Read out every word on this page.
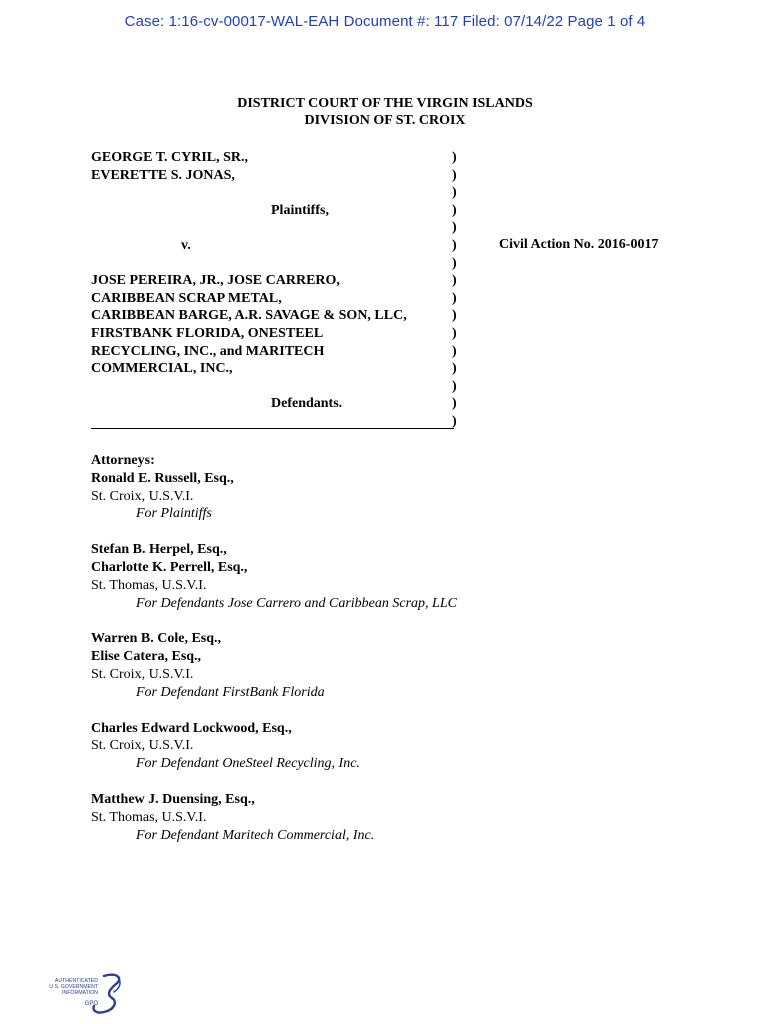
Case: 1:16-cv-00017-WAL-EAH Document #: 117 Filed: 07/14/22 Page 1 of 4
DISTRICT COURT OF THE VIRGIN ISLANDS
DIVISION OF ST. CROIX
GEORGE T. CYRIL, SR.,
EVERETTE S. JONAS,
Plaintiffs,
v.
JOSE PEREIRA, JR., JOSE CARRERO,
CARIBBEAN SCRAP METAL,
CARIBBEAN BARGE, A.R. SAVAGE & SON, LLC,
FIRSTBANK FLORIDA, ONESTEEL
RECYCLING, INC., and MARITECH
COMMERCIAL, INC.,
Defendants.
)
)
)
)
)
)
)
)
)
)
)
)
)
)
)
)
Civil Action No. 2016-0017
Attorneys:
Ronald E. Russell, Esq.,
St. Croix, U.S.V.I.
For Plaintiffs
Stefan B. Herpel, Esq.,
Charlotte K. Perrell, Esq.,
St. Thomas, U.S.V.I.
For Defendants Jose Carrero and Caribbean Scrap, LLC
Warren B. Cole, Esq.,
Elise Catera, Esq.,
St. Croix, U.S.V.I.
For Defendant FirstBank Florida
Charles Edward Lockwood, Esq.,
St. Croix, U.S.V.I.
For Defendant OneSteel Recycling, Inc.
Matthew J. Duensing, Esq.,
St. Thomas, U.S.V.I.
For Defendant Maritech Commercial, Inc.
AUTHENTICATED
U.S. GOVERNMENT
INFORMATION
GPO
